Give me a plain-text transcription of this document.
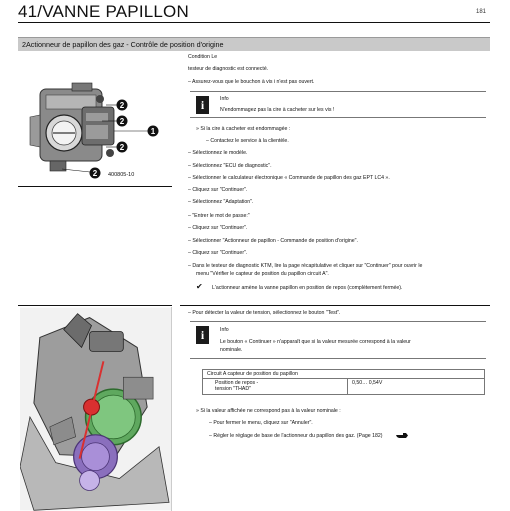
41/VANNE PAPILLON	181
2Actionneur de papillon des gaz - Contrôle de position d'origine
2
2
1
2
2 400805-10
Condition Le
testeur de diagnostic est connecté.
– Assurez-vous que le bouchon à vis i n'est pas ouvert.
i	Info
N'endommagez pas la cire à cacheter sur les vis !
» Si la cire à cacheter est endommagée :
– Contactez le service à la clientèle.
– Sélectionnez le modèle.
– Sélectionnez "ECU de diagnostic".
– Sélectionner le calculateur électronique « Commande de papillon des gaz EPT LC4 ».
– Cliquez sur "Continuer".
– Sélectionnez "Adaptation".
– "Entrer le mot de passe:"
– Cliquez sur "Continuer".
– Sélectionner "Actionneur de papillon - Commande de position d'origine".
– Cliquez sur "Continuer".
– Dans le testeur de diagnostic KTM, lire la page récapitulative et cliquer sur "Continuer" pour ouvrir le
menu "Vérifier le capteur de position du papillon circuit A".
✔ L'actionneur amène la vanne papillon en position de repos (complètement fermée).
– Pour détecter la valeur de tension, sélectionnez le bouton "Test".
i	Info
Le bouton « Continuer » n'apparaît que si la valeur mesurée correspond à la valeur
nominale.
Circuit A capteur de position du papillon

Position de repos -
tension "THAD"
	0,50… 0,54V
» Si la valeur affichée ne correspond pas à la valeur nominale :
– Pour fermer le menu, cliquez sur "Annuler".
– Régler le réglage de base de l'actionneur du papillon des gaz. (Page 182)
